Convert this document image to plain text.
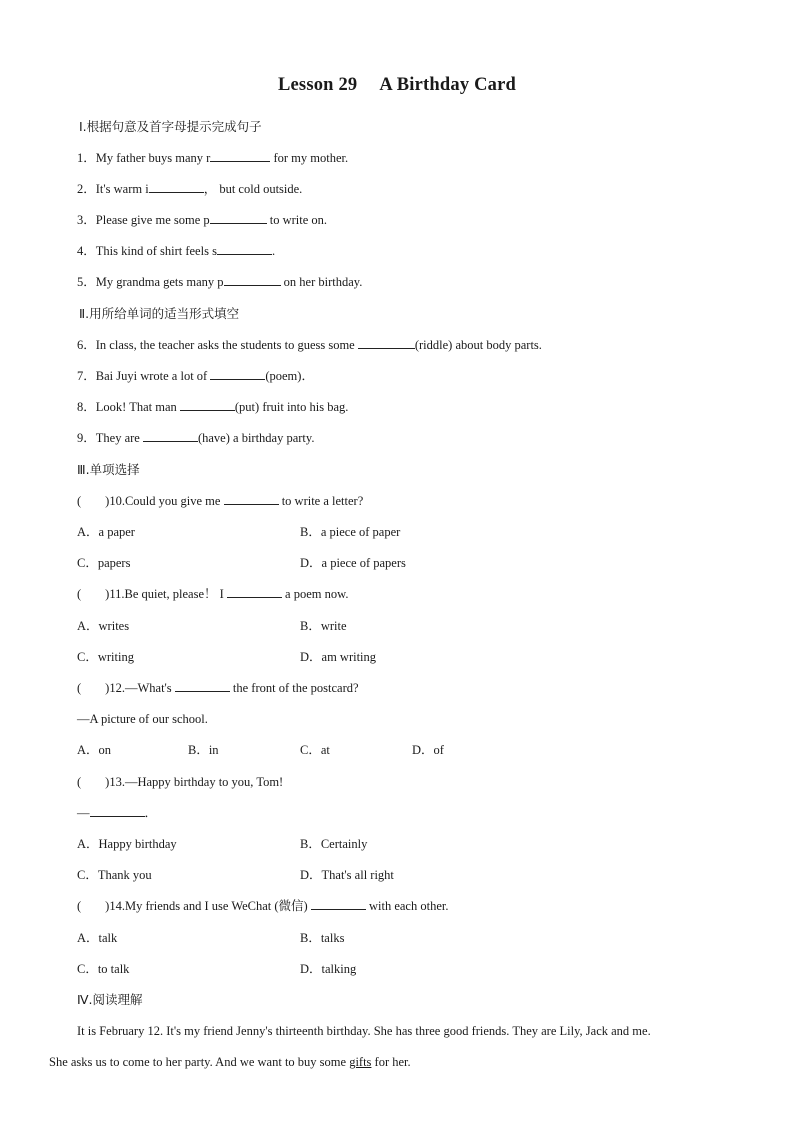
Lesson 29 A Birthday Card
Ⅰ.根据句意及首字母提示完成句子
1．My father buys many r	for my mother.
2．It's warm i	， but cold outside.
3．Please give me some p	to write on.
4．This kind of shirt feels s	.
5．My grandma gets many p	on her birthday.
Ⅱ.用所给单词的适当形式填空
6．In class, the teacher asks the students to guess some	(riddle) about body parts.
7．Bai Juyi wrote a lot of	(poem)．
8．Look! That man	(put) fruit into his bag.
9．They are	(have) a birthday party.
Ⅲ.单项选择
( )10.Could you give me	to write a letter?
A．a paper	B．a piece of paper
C．papers	D．a piece of papers
( )11.Be quiet, please！ I	a poem now.
A．writes	B．write
C．writing	D．am writing
( )12.—What's	the front of the postcard?
—A picture of our school.
A．on	B．in	C．at	D．of
( )13.—Happy birthday to you, Tom!
—	．
A．Happy birthday	B．Certainly
C．Thank you	D．That's all right
( )14.My friends and I use WeChat (微信)	with each other.
A．talk	B．talks
C．to talk	D．talking
Ⅳ.阅读理解
It is February 12. It's my friend Jenny's thirteenth birthday. She has three good friends. They are Lily, Jack and me.
She asks us to come to her party. And we want to buy some gifts for her.
